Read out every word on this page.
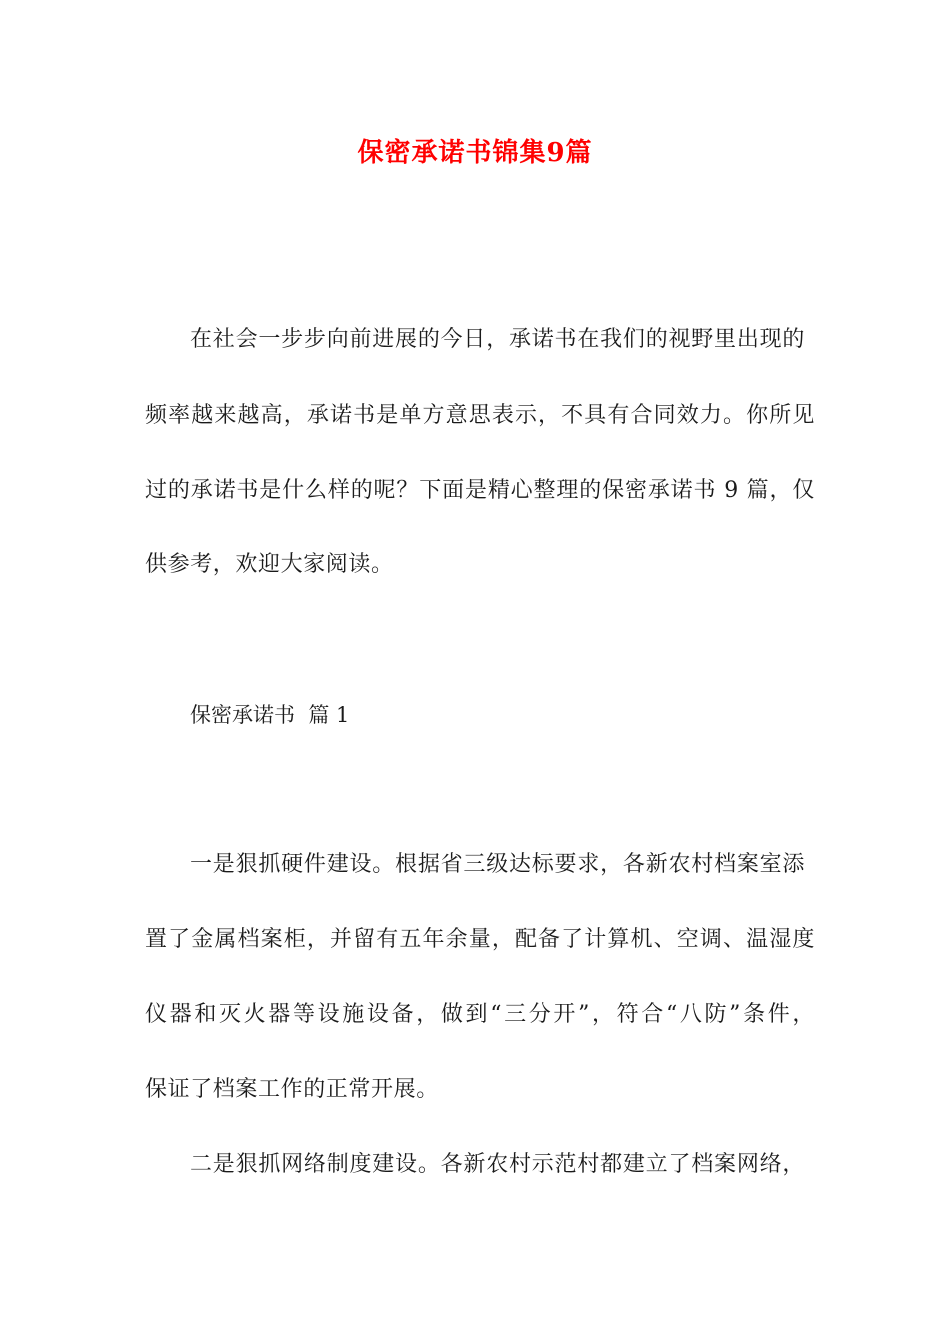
保密承诺书锦集9篇
在社会一步步向前进展的今日，承诺书在我们的视野里出现的
频率越来越高，承诺书是单方意思表示，不具有合同效力。你所见
过的承诺书是什么样的呢？下面是精心整理的保密承诺书 9 篇，仅
供参考，欢迎大家阅读。
保密承诺书  篇 1
一是狠抓硬件建设。根据省三级达标要求，各新农村档案室添
置了金属档案柜，并留有五年余量，配备了计算机、空调、温湿度
仪器和灭火器等设施设备，做到“三分开”，符合“八防”条件，
保证了档案工作的正常开展。
二是狠抓网络制度建设。各新农村示范村都建立了档案网络，
